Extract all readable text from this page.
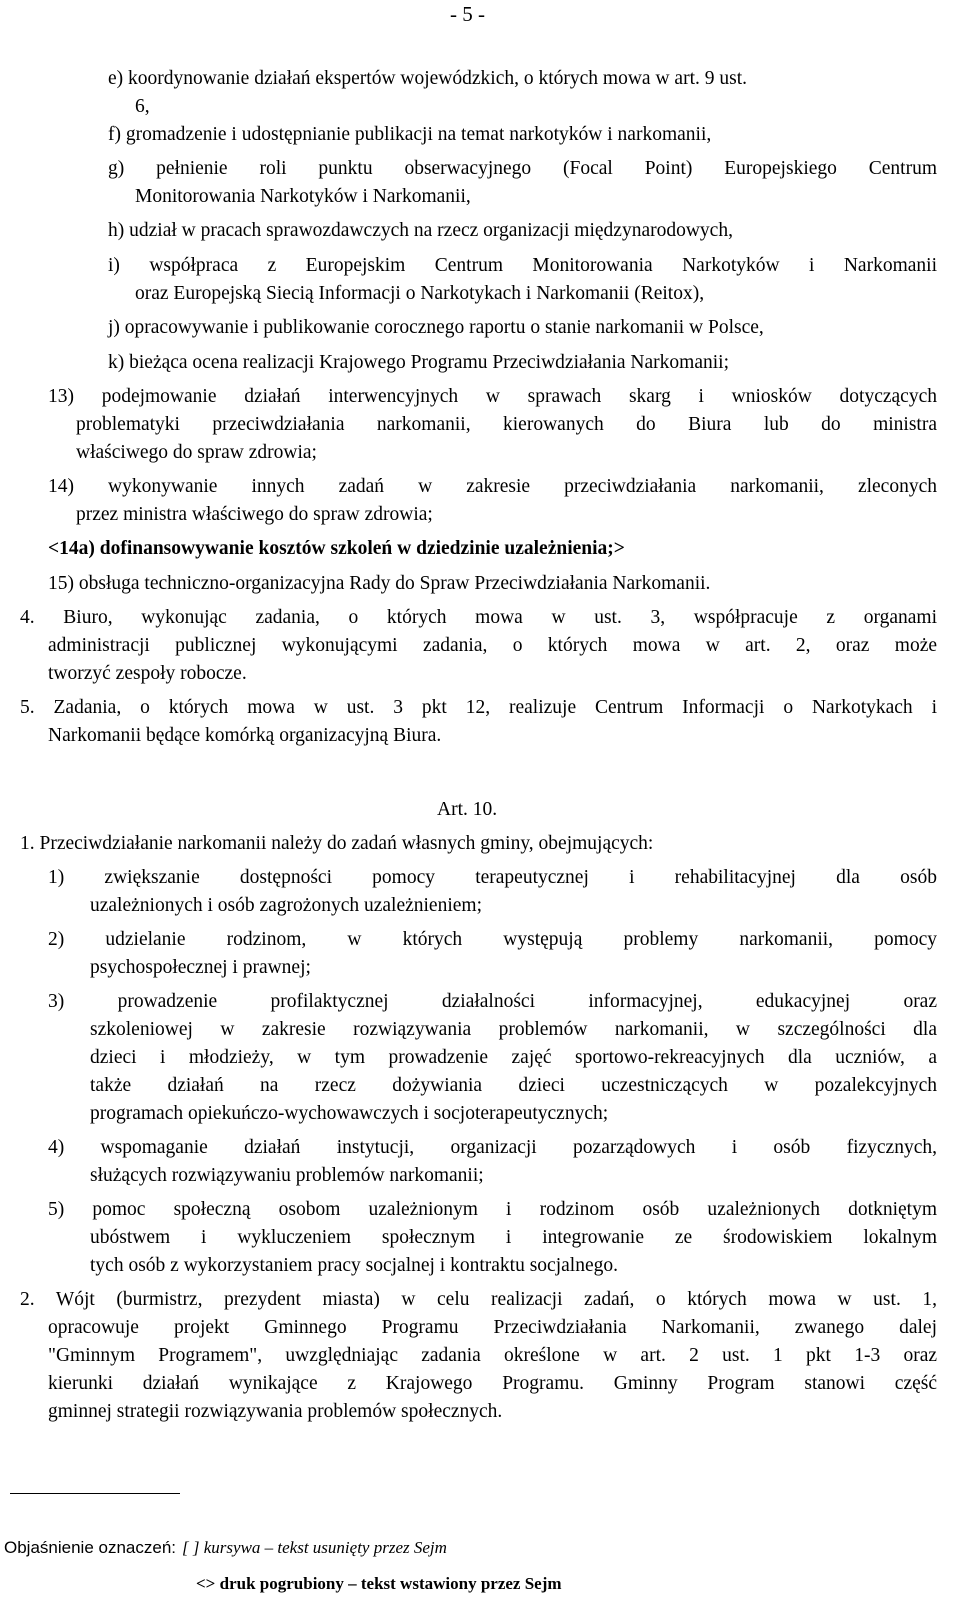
- 5 -
e) koordynowanie działań ekspertów wojewódzkich, o których mowa w art. 9 ust.
6,
f) gromadzenie i udostępnianie publikacji na temat narkotyków i narkomanii,
g) pełnienie roli punktu obserwacyjnego (Focal Point) Europejskiego Centrum
Monitorowania Narkotyków i Narkomanii,
h) udział w pracach sprawozdawczych na rzecz organizacji międzynarodowych,
i) współpraca z Europejskim Centrum Monitorowania Narkotyków i Narkomanii
oraz Europejską Siecią Informacji o Narkotykach i Narkomanii (Reitox),
j) opracowywanie i publikowanie corocznego raportu o stanie narkomanii w Polsce,
k) bieżąca ocena realizacji Krajowego Programu Przeciwdziałania Narkomanii;
13) podejmowanie działań interwencyjnych w sprawach skarg i wniosków dotyczących
problematyki przeciwdziałania narkomanii, kierowanych do Biura lub do ministra
właściwego do spraw zdrowia;
14) wykonywanie innych zadań w zakresie przeciwdziałania narkomanii, zleconych
przez ministra właściwego do spraw zdrowia;
<14a) dofinansowywanie kosztów szkoleń w dziedzinie uzależnienia;>
15) obsługa techniczno-organizacyjna Rady do Spraw Przeciwdziałania Narkomanii.
4. Biuro, wykonując zadania, o których mowa w ust. 3, współpracuje z organami
administracji publicznej wykonującymi zadania, o których mowa w art. 2, oraz może
tworzyć zespoły robocze.
5. Zadania, o których mowa w ust. 3 pkt 12, realizuje Centrum Informacji o Narkotykach i
Narkomanii będące komórką organizacyjną Biura.
Art. 10.
1. Przeciwdziałanie narkomanii należy do zadań własnych gminy, obejmujących:
1) zwiększanie dostępności pomocy terapeutycznej i rehabilitacyjnej dla osób
uzależnionych i osób zagrożonych uzależnieniem;
2) udzielanie rodzinom, w których występują problemy narkomanii, pomocy
psychospołecznej i prawnej;
3) prowadzenie profilaktycznej działalności informacyjnej, edukacyjnej oraz
szkoleniowej w zakresie rozwiązywania problemów narkomanii, w szczególności dla
dzieci i młodzieży, w tym prowadzenie zajęć sportowo-rekreacyjnych dla uczniów, a
także działań na rzecz dożywiania dzieci uczestniczących w pozalekcyjnych
programach opiekuńczo-wychowawczych i socjoterapeutycznych;
4) wspomaganie działań instytucji, organizacji pozarządowych i osób fizycznych,
służących rozwiązywaniu problemów narkomanii;
5) pomoc społeczną osobom uzależnionym i rodzinom osób uzależnionych dotkniętym
ubóstwem i wykluczeniem społecznym i integrowanie ze środowiskiem lokalnym
tych osób z wykorzystaniem pracy socjalnej i kontraktu socjalnego.
2. Wójt (burmistrz, prezydent miasta) w celu realizacji zadań, o których mowa w ust. 1,
opracowuje projekt Gminnego Programu Przeciwdziałania Narkomanii, zwanego dalej
"Gminnym Programem", uwzględniając zadania określone w art. 2 ust. 1 pkt 1-3 oraz
kierunki działań wynikające z Krajowego Programu. Gminny Program stanowi część
gminnej strategii rozwiązywania problemów społecznych.
Objaśnienie oznaczeń: [ ] kursywa – tekst usunięty przez Sejm
<> druk pogrubiony – tekst wstawiony przez Sejm
